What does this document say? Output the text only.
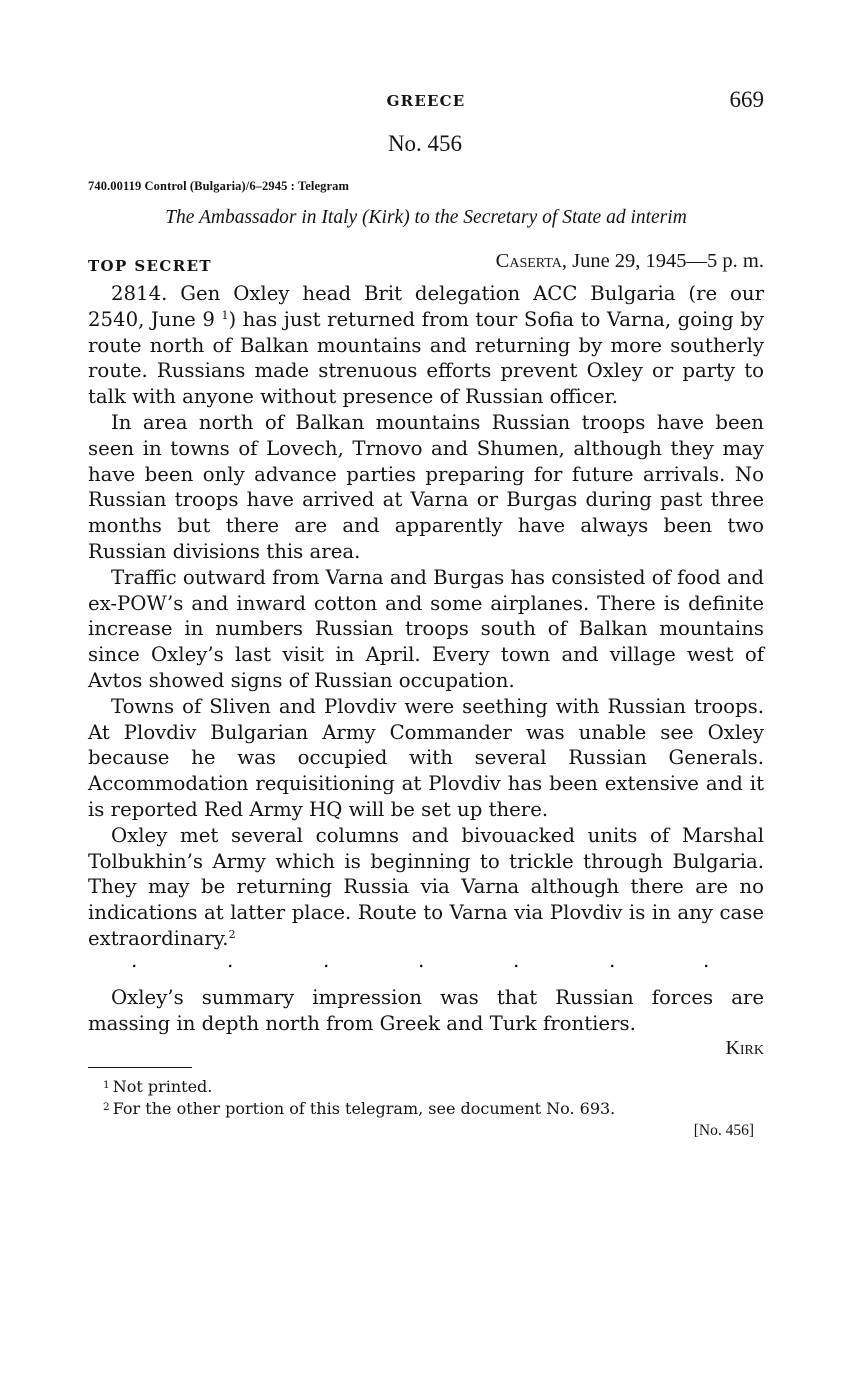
GREECE	669
No. 456
740.00119 Control (Bulgaria)/6–2945 : Telegram
The Ambassador in Italy (Kirk) to the Secretary of State ad interim
TOP SECRET	Caserta, June 29, 1945—5 p. m.

2814. Gen Oxley head Brit delegation ACC Bulgaria (re our 2540, June 9 $^1$) has just returned from tour Sofia to Varna, going by route north of Balkan mountains and returning by more southerly route. Russians made strenuous efforts prevent Oxley or party to talk with anyone without presence of Russian officer.

In area north of Balkan mountains Russian troops have been seen in towns of Lovech, Trnovo and Shumen, although they may have been only advance parties preparing for future arrivals. No Russian troops have arrived at Varna or Burgas during past three months but there are and apparently have always been two Russian divisions this area.

Traffic outward from Varna and Burgas has consisted of food and ex-POW’s and inward cotton and some airplanes. There is definite increase in numbers Russian troops south of Balkan mountains since Oxley’s last visit in April. Every town and village west of Avtos showed signs of Russian occupation.

Towns of Sliven and Plovdiv were seething with Russian troops. At Plovdiv Bulgarian Army Commander was unable see Oxley because he was occupied with several Russian Generals. Accommodation requisitioning at Plovdiv has been extensive and it is reported Red Army HQ will be set up there.

Oxley met several columns and bivouacked units of Marshal Tolbukhin’s Army which is beginning to trickle through Bulgaria. They may be returning Russia via Varna although there are no indications at latter place. Route to Varna via Plovdiv is in any case extraordinary.$^2$

.	.	.	.	.	.	.

Oxley’s summary impression was that Russian forces are massing in depth north from Greek and Turk frontiers.

Kirk
$^1$ Not printed.
$^2$ For the other portion of this telegram, see document No. 693.
[No. 456]
